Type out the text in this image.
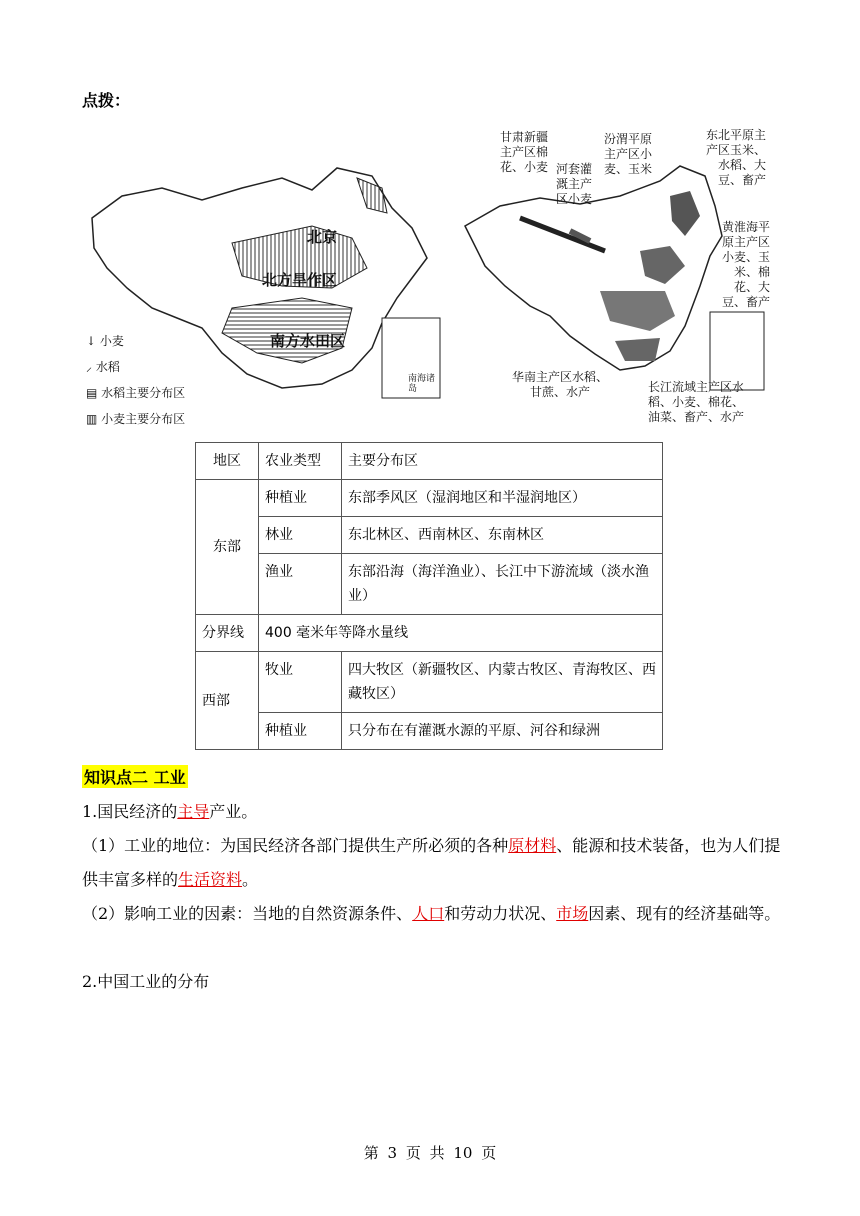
点拨：
北京
北方旱作区
南方水田区

↓ 小麦

⸝ 水稻

▤ 水稻主要分布区

▥ 小麦主要分布区

南海诸岛
甘肃新疆
主产区棉
花、小麦 河套灌
溉主产
区小麦
汾渭平原
主产区小
麦、玉米
东北平原主
产区玉米、
水稻、大
豆、畜产
黄淮海平
原主产区
小麦、玉
米、棉
花、大
豆、畜产
华南主产区水稻、
甘蔗、水产	长江流域主产区水
稻、小麦、棉花、
油菜、畜产、水产
地区	农业类型	主要分布区
东部	种植业	东部季风区（湿润地区和半湿润地区）
	林业	东北林区、西南林区、东南林区
	渔业	东部沿海（海洋渔业）、长江中下游流域（淡水渔业）
分界线	400 毫米年等降水量线	
西部	牧业	四大牧区（新疆牧区、内蒙古牧区、青海牧区、西藏牧区）
	种植业	只分布在有灌溉水源的平原、河谷和绿洲
知识点二 工业
1.国民经济的主导产业。
（1）工业的地位：为国民经济各部门提供生产所必须的各种原材料、能源和技术装备，也为人们提供丰富多样的生活资料。
（2）影响工业的因素：当地的自然资源条件、人口和劳动力状况、市场因素、现有的经济基础等。
2.中国工业的分布
第 3 页 共 10 页
